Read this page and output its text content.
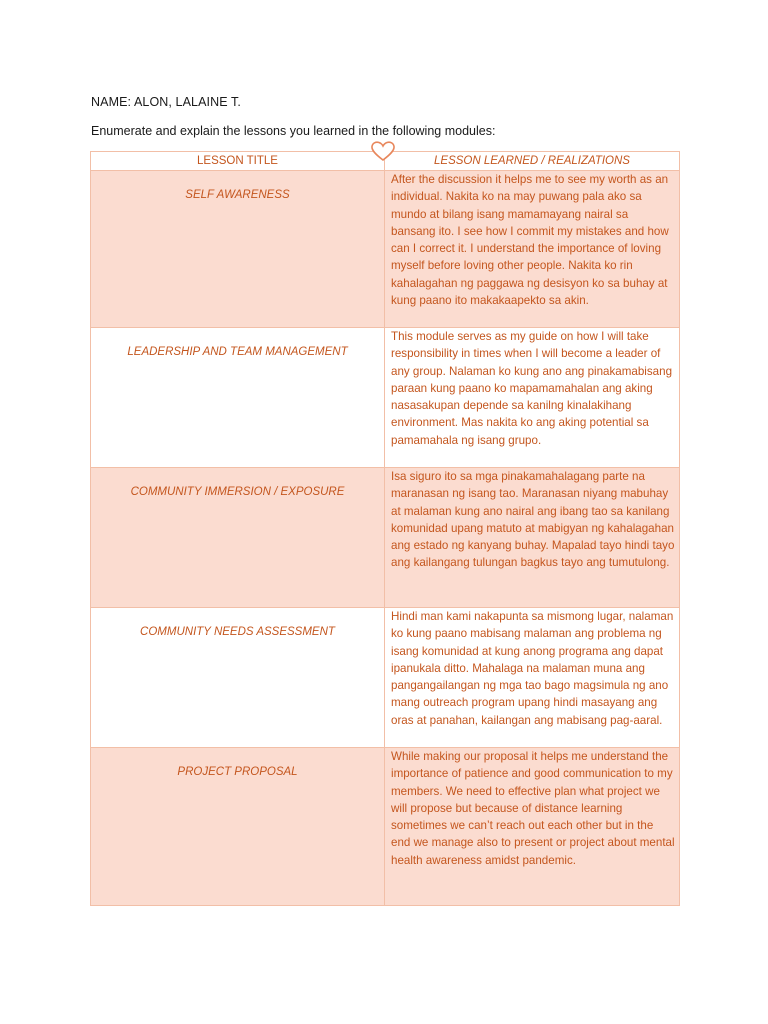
NAME: ALON, LALAINE T.
Enumerate and explain the lessons you learned in the following modules:
LESSON TITLE	LESSON LEARNED / REALIZATIONS

SELF AWARENESS	After the discussion it helps me to see my worth as an individual. Nakita ko na may puwang pala ako sa mundo at bilang isang mamamayang nairal sa bansang ito. I see how I commit my mistakes and how can I correct it. I understand the importance of loving myself before loving other people. Nakita ko rin kahalagahan ng paggawa ng desisyon ko sa buhay at kung paano ito makakaapekto sa akin.

LEADERSHIP AND TEAM MANAGEMENT	This module serves as my guide on how I will take responsibility in times when I will become a leader of any group. Nalaman ko kung ano ang pinakamabisang paraan kung paano ko mapamamahalan ang aking nasasakupan depende sa kanilng kinalakihang environment. Mas nakita ko ang aking potential sa pamamahala ng isang grupo.

COMMUNITY IMMERSION / EXPOSURE	Isa siguro ito sa mga pinakamahalagang parte na maranasan ng isang tao. Maranasan niyang mabuhay at malaman kung ano nairal ang ibang tao sa kanilang komunidad upang matuto at mabigyan ng kahalagahan ang estado ng kanyang buhay. Mapalad tayo hindi tayo ang kailangang tulungan bagkus tayo ang tumutulong.

COMMUNITY NEEDS ASSESSMENT	Hindi man kami nakapunta sa mismong lugar, nalaman ko kung paano mabisang malaman ang problema ng isang komunidad at kung anong programa ang dapat ipanukala ditto. Mahalaga na malaman muna ang pangangailangan ng mga tao bago magsimula ng ano mang outreach program upang hindi masayang ang oras at panahan, kailangan ang mabisang pag-aaral.

PROJECT PROPOSAL	While making our proposal it helps me understand the importance of patience and good communication to my members. We need to effective plan what project we will propose but because of distance learning sometimes we can’t reach out each other but in the end we manage also to present or project about mental health awareness amidst pandemic.
